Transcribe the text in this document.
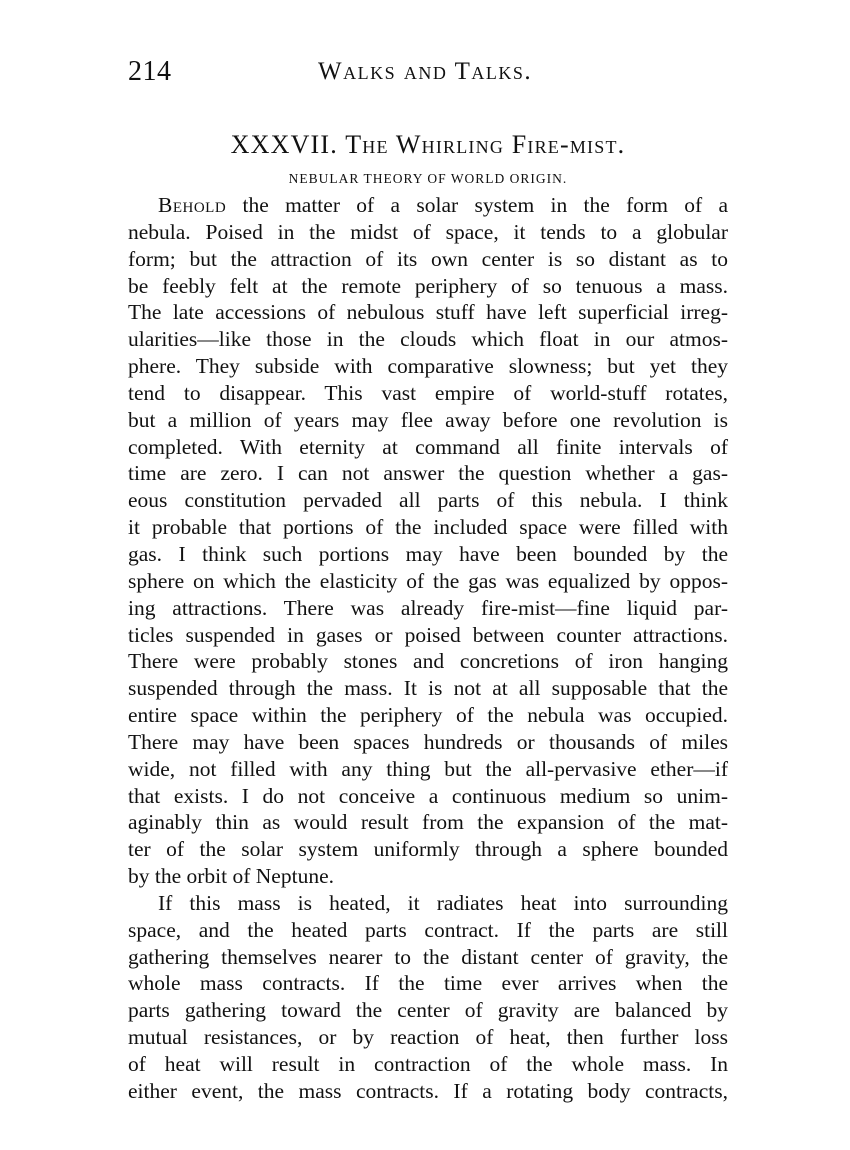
214	Walks and Talks.
XXXVII. The Whirling Fire-mist.
NEBULAR THEORY OF WORLD ORIGIN.
Behold the matter of a solar system in the form of a
nebula. Poised in the midst of space, it tends to a globular
form; but the attraction of its own center is so distant as to
be feebly felt at the remote periphery of so tenuous a mass.
The late accessions of nebulous stuff have left superficial irreg-
ularities—like those in the clouds which float in our atmos-
phere. They subside with comparative slowness; but yet they
tend to disappear. This vast empire of world-stuff rotates,
but a million of years may flee away before one revolution is
completed. With eternity at command all finite intervals of
time are zero. I can not answer the question whether a gas-
eous constitution pervaded all parts of this nebula. I think
it probable that portions of the included space were filled with
gas. I think such portions may have been bounded by the
sphere on which the elasticity of the gas was equalized by oppos-
ing attractions. There was already fire-mist—fine liquid par-
ticles suspended in gases or poised between counter attractions.
There were probably stones and concretions of iron hanging
suspended through the mass. It is not at all supposable that the
entire space within the periphery of the nebula was occupied.
There may have been spaces hundreds or thousands of miles
wide, not filled with any thing but the all-pervasive ether—if
that exists. I do not conceive a continuous medium so unim-
aginably thin as would result from the expansion of the mat-
ter of the solar system uniformly through a sphere bounded
by the orbit of Neptune.
If this mass is heated, it radiates heat into surrounding
space, and the heated parts contract. If the parts are still
gathering themselves nearer to the distant center of gravity, the
whole mass contracts. If the time ever arrives when the
parts gathering toward the center of gravity are balanced by
mutual resistances, or by reaction of heat, then further loss
of heat will result in contraction of the whole mass. In
either event, the mass contracts. If a rotating body contracts,
